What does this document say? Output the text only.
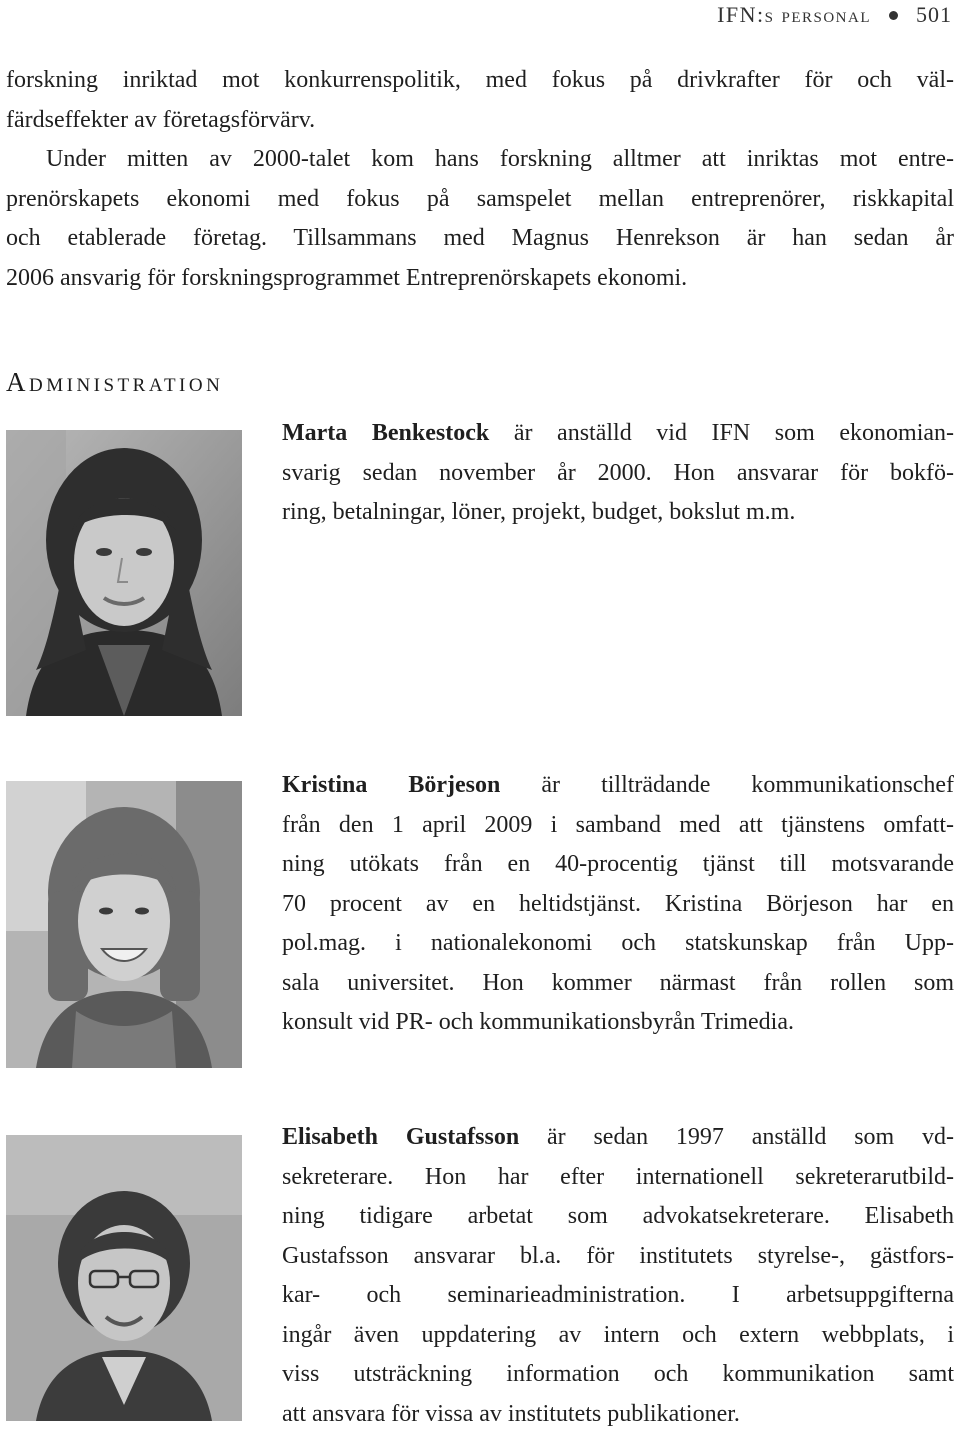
IFN:s personal 501
forskning inriktad mot konkurrenspolitik, med fokus på drivkrafter för och väl-
färdseffekter av företagsförvärv.
Under mitten av 2000-talet kom hans forskning alltmer att inriktas mot entre-
prenörskapets ekonomi med fokus på samspelet mellan entreprenörer, riskkapital
och etablerade företag. Tillsammans med Magnus Henrekson är han sedan år
2006 ansvarig för forskningsprogrammet Entreprenörskapets ekonomi.
Administration
Marta Benkestock är anställd vid IFN som ekonomian-
svarig sedan november år 2000. Hon ansvarar för bokfö-
ring, betalningar, löner, projekt, budget, bokslut m.m.
Kristina Börjeson är tillträdande kommunikationschef
från den 1 april 2009 i samband med att tjänstens omfatt-
ning utökats från en 40-procentig tjänst till motsvarande
70 procent av en heltidstjänst. Kristina Börjeson har en
pol.mag. i nationalekonomi och statskunskap från Upp-
sala universitet. Hon kommer närmast från rollen som
konsult vid PR- och kommunikationsbyrån Trimedia.
Elisabeth Gustafsson är sedan 1997 anställd som vd-
sekreterare. Hon har efter internationell sekreterarutbild-
ning tidigare arbetat som advokatsekreterare. Elisabeth
Gustafsson ansvarar bl.a. för institutets styrelse-, gästfors-
kar- och seminarieadministration. I arbetsuppgifterna
ingår även uppdatering av intern och extern webbplats, i
viss utsträckning information och kommunikation samt
att ansvara för vissa av institutets publikationer.
